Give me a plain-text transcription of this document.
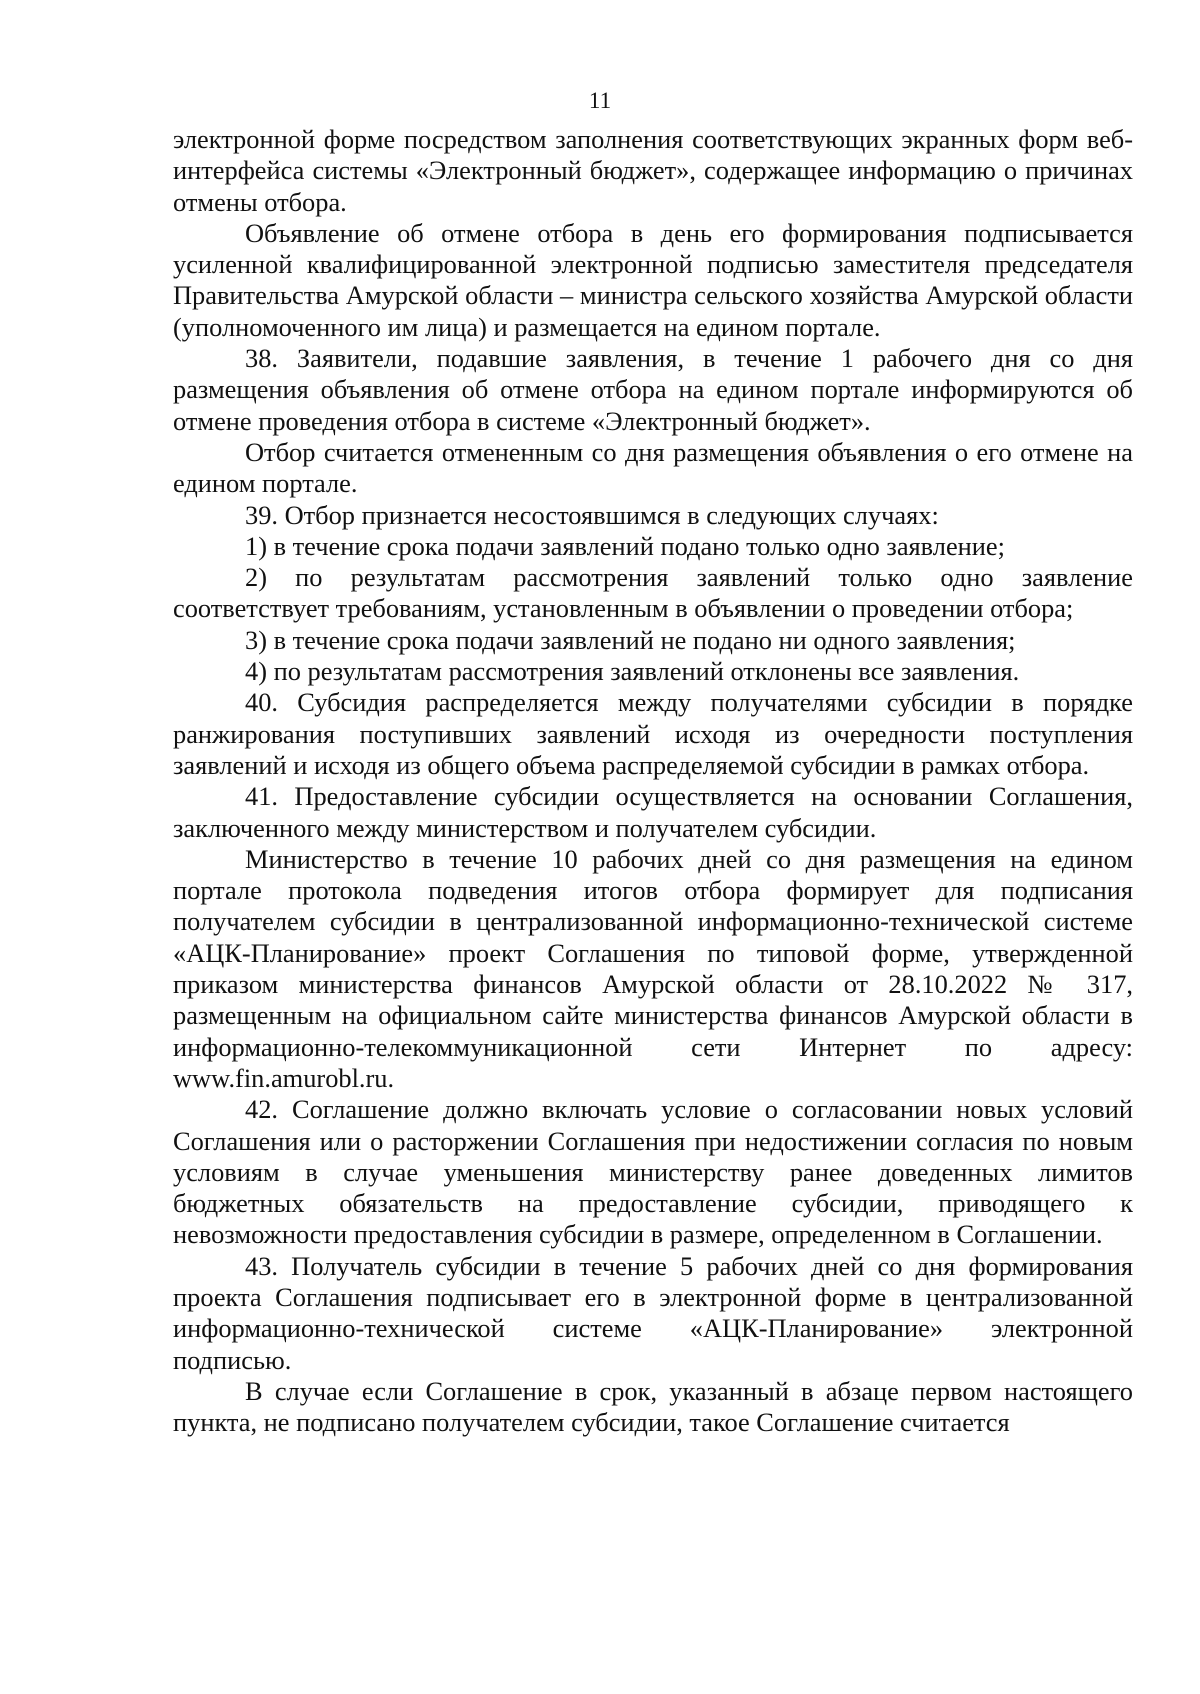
11

электронной форме посредством заполнения соответствующих экранных форм веб-интерфейса системы «Электронный бюджет», содержащее информацию о причинах отмены отбора.

Объявление об отмене отбора в день его формирования подписывается усиленной квалифицированной электронной подписью заместителя председателя Правительства Амурской области – министра сельского хозяйства Амурской области (уполномоченного им лица) и размещается на едином портале.

38. Заявители, подавшие заявления, в течение 1 рабочего дня со дня размещения объявления об отмене отбора на едином портале информируются об отмене проведения отбора в системе «Электронный бюджет».

Отбор считается отмененным со дня размещения объявления о его отмене на едином портале.

39. Отбор признается несостоявшимся в следующих случаях:

1) в течение срока подачи заявлений подано только одно заявление;

2) по результатам рассмотрения заявлений только одно заявление соответствует требованиям, установленным в объявлении о проведении отбора;

3) в течение срока подачи заявлений не подано ни одного заявления;

4) по результатам рассмотрения заявлений отклонены все заявления.

40. Субсидия распределяется между получателями субсидии в порядке ранжирования поступивших заявлений исходя из очередности поступления заявлений и исходя из общего объема распределяемой субсидии в рамках отбора.

41. Предоставление субсидии осуществляется на основании Соглашения, заключенного между министерством и получателем субсидии.

Министерство в течение 10 рабочих дней со дня размещения на едином портале протокола подведения итогов отбора формирует для подписания получателем субсидии в централизованной информационно-технической системе «АЦК-Планирование» проект Соглашения по типовой форме, утвержденной приказом министерства финансов Амурской области от 28.10.2022 № 317, размещенным на официальном сайте министерства финансов Амурской области в информационно-телекоммуникационной сети Интернет по адресу: www.fin.amurobl.ru.

42. Соглашение должно включать условие о согласовании новых условий Соглашения или о расторжении Соглашения при недостижении согласия по новым условиям в случае уменьшения министерству ранее доведенных лимитов бюджетных обязательств на предоставление субсидии, приводящего к невозможности предоставления субсидии в размере, определенном в Соглашении.

43. Получатель субсидии в течение 5 рабочих дней со дня формирования проекта Соглашения подписывает его в электронной форме в централизованной информационно-технической системе «АЦК-Планирование» электронной подписью.

В случае если Соглашение в срок, указанный в абзаце первом настоящего пункта, не подписано получателем субсидии, такое Соглашение считается
